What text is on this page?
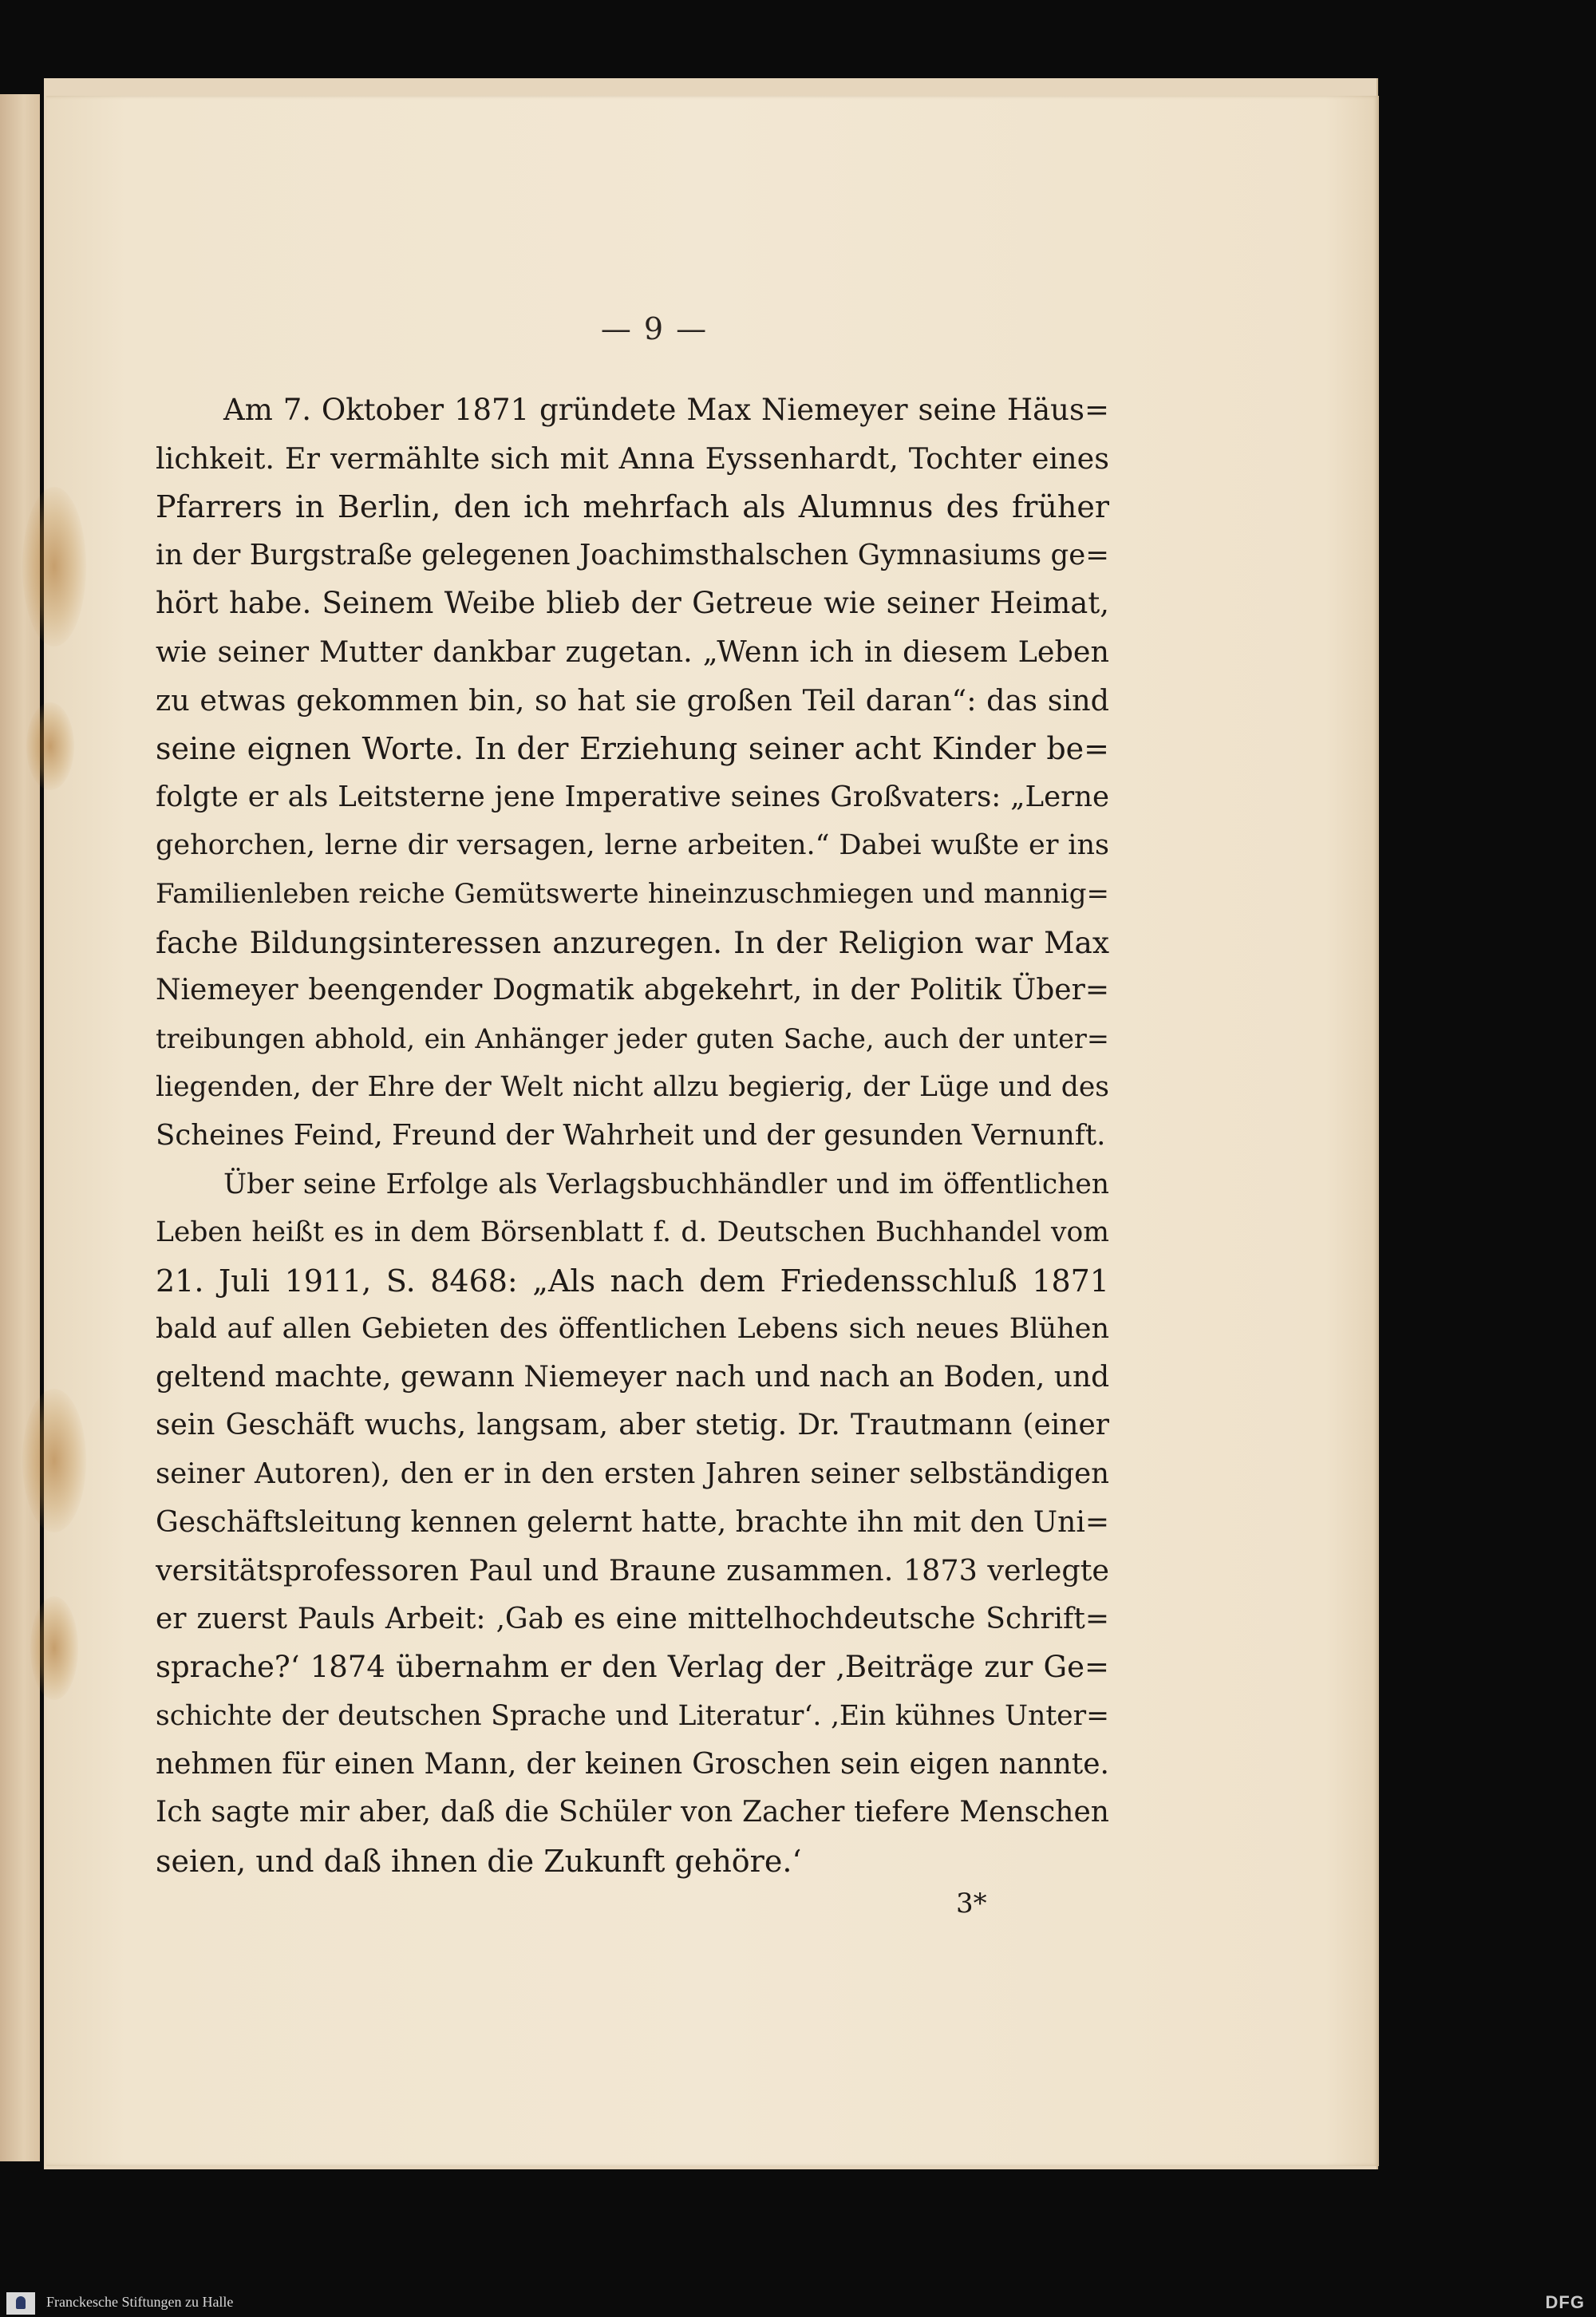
— 9 —
Am 7. Oktober 1871 gründete Max Niemeyer seine Häus=
lichkeit. Er vermählte sich mit Anna Eyssenhardt, Tochter eines
Pfarrers in Berlin, den ich mehrfach als Alumnus des früher
in der Burgstraße gelegenen Joachimsthalschen Gymnasiums ge=
hört habe. Seinem Weibe blieb der Getreue wie seiner Heimat,
wie seiner Mutter dankbar zugetan. „Wenn ich in diesem Leben
zu etwas gekommen bin, so hat sie großen Teil daran“: das sind
seine eignen Worte. In der Erziehung seiner acht Kinder be=
folgte er als Leitsterne jene Imperative seines Großvaters: „Lerne
gehorchen, lerne dir versagen, lerne arbeiten.“ Dabei wußte er ins
Familienleben reiche Gemütswerte hineinzuschmiegen und mannig=
fache Bildungsinteressen anzuregen. In der Religion war Max
Niemeyer beengender Dogmatik abgekehrt, in der Politik Über=
treibungen abhold, ein Anhänger jeder guten Sache, auch der unter=
liegenden, der Ehre der Welt nicht allzu begierig, der Lüge und des
Scheines Feind, Freund der Wahrheit und der gesunden Vernunft.
Über seine Erfolge als Verlagsbuchhändler und im öffentlichen
Leben heißt es in dem Börsenblatt f. d. Deutschen Buchhandel vom
21. Juli 1911, S. 8468: „Als nach dem Friedensschluß 1871
bald auf allen Gebieten des öffentlichen Lebens sich neues Blühen
geltend machte, gewann Niemeyer nach und nach an Boden, und
sein Geschäft wuchs, langsam, aber stetig. Dr. Trautmann (einer
seiner Autoren), den er in den ersten Jahren seiner selbständigen
Geschäftsleitung kennen gelernt hatte, brachte ihn mit den Uni=
versitätsprofessoren Paul und Braune zusammen. 1873 verlegte
er zuerst Pauls Arbeit: ‚Gab es eine mittelhochdeutsche Schrift=
sprache?‘ 1874 übernahm er den Verlag der ‚Beiträge zur Ge=
schichte der deutschen Sprache und Literatur‘. ‚Ein kühnes Unter=
nehmen für einen Mann, der keinen Groschen sein eigen nannte.
Ich sagte mir aber, daß die Schüler von Zacher tiefere Menschen
seien, und daß ihnen die Zukunft gehöre.‘
3*
Franckesche Stiftungen zu Halle	DFG
